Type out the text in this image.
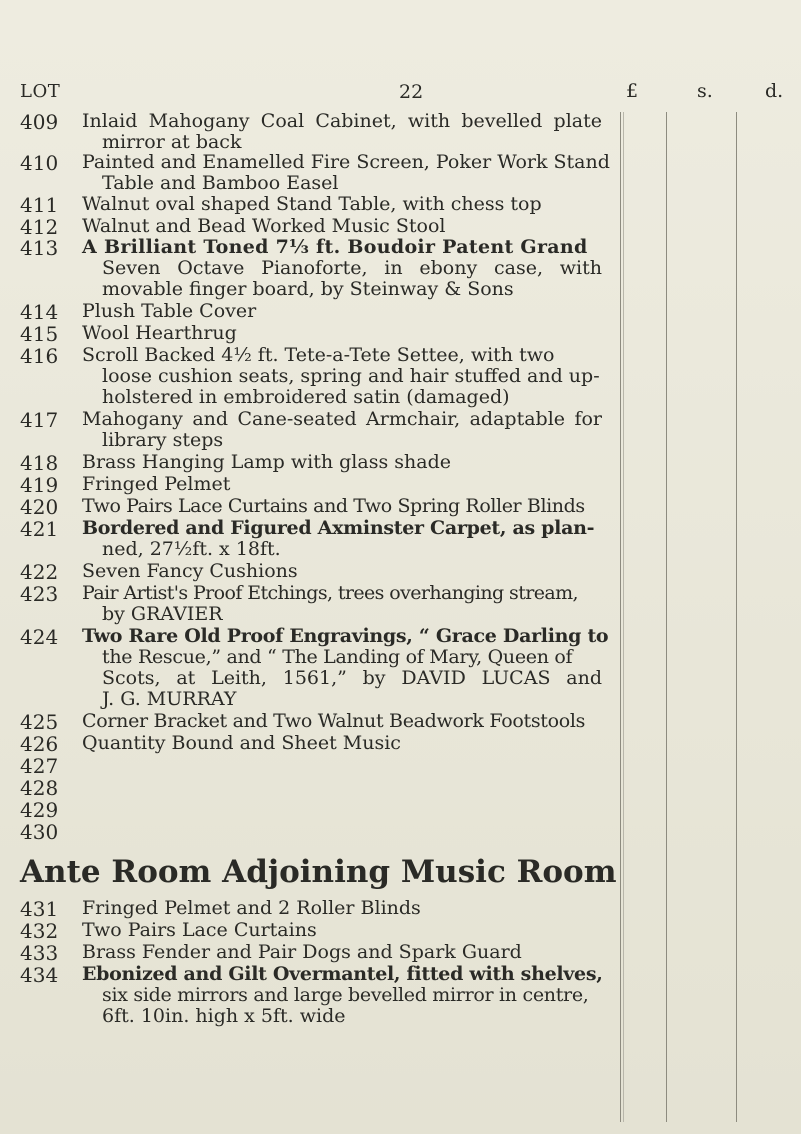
LOT	22	£	s.	d.
409 Inlaid Mahogany Coal Cabinet, with bevelled plate
mirror at back
410 Painted and Enamelled Fire Screen, Poker Work Stand
Table and Bamboo Easel
411 Walnut oval shaped Stand Table, with chess top
412 Walnut and Bead Worked Music Stool
413 A Brilliant Toned 7⅓ ft. Boudoir Patent Grand
Seven Octave Pianoforte, in ebony case, with
movable finger board, by Steinway & Sons
414 Plush Table Cover
415 Wool Hearthrug
416 Scroll Backed 4½ ft. Tete-a-Tete Settee, with two
loose cushion seats, spring and hair stuffed and up-
holstered in embroidered satin (damaged)
417 Mahogany and Cane-seated Armchair, adaptable for
library steps
418 Brass Hanging Lamp with glass shade
419 Fringed Pelmet
420 Two Pairs Lace Curtains and Two Spring Roller Blinds
421 Bordered and Figured Axminster Carpet, as plan-
ned, 27½ft. x 18ft.
422 Seven Fancy Cushions
423 Pair Artist's Proof Etchings, trees overhanging stream,
by GRAVIER
424 Two Rare Old Proof Engravings, “ Grace Darling to
the Rescue,” and “ The Landing of Mary, Queen of
Scots, at Leith, 1561,” by DAVID LUCAS and
J. G. MURRAY
425 Corner Bracket and Two Walnut Beadwork Footstools
426 Quantity Bound and Sheet Music
427
428
429
430
Ante Room Adjoining Music Room
431 Fringed Pelmet and 2 Roller Blinds
432 Two Pairs Lace Curtains
433 Brass Fender and Pair Dogs and Spark Guard
434 Ebonized and Gilt Overmantel, fitted with shelves,
six side mirrors and large bevelled mirror in centre,
6ft. 10in. high x 5ft. wide
